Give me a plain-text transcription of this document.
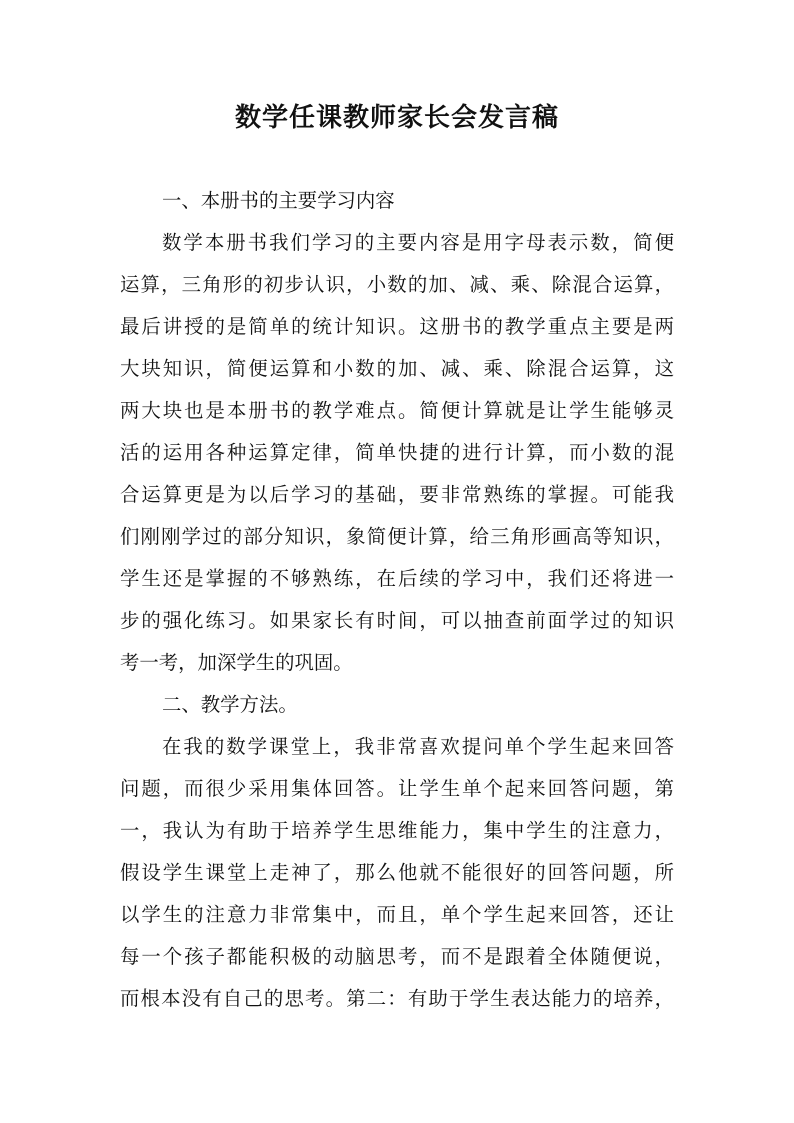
数学任课教师家长会发言稿
一、本册书的主要学习内容
数学本册书我们学习的主要内容是用字母表示数，简便
运算，三角形的初步认识，小数的加、减、乘、除混合运算，
最后讲授的是简单的统计知识。这册书的教学重点主要是两
大块知识，简便运算和小数的加、减、乘、除混合运算，这
两大块也是本册书的教学难点。简便计算就是让学生能够灵
活的运用各种运算定律，简单快捷的进行计算，而小数的混
合运算更是为以后学习的基础，要非常熟练的掌握。可能我
们刚刚学过的部分知识，象简便计算，给三角形画高等知识，
学生还是掌握的不够熟练，在后续的学习中，我们还将进一
步的强化练习。如果家长有时间，可以抽查前面学过的知识
考一考，加深学生的巩固。
二、教学方法。
在我的数学课堂上，我非常喜欢提问单个学生起来回答
问题，而很少采用集体回答。让学生单个起来回答问题，第
一，我认为有助于培养学生思维能力，集中学生的注意力，
假设学生课堂上走神了，那么他就不能很好的回答问题，所
以学生的注意力非常集中，而且，单个学生起来回答，还让
每一个孩子都能积极的动脑思考，而不是跟着全体随便说，
而根本没有自己的思考。第二：有助于学生表达能力的培养，
